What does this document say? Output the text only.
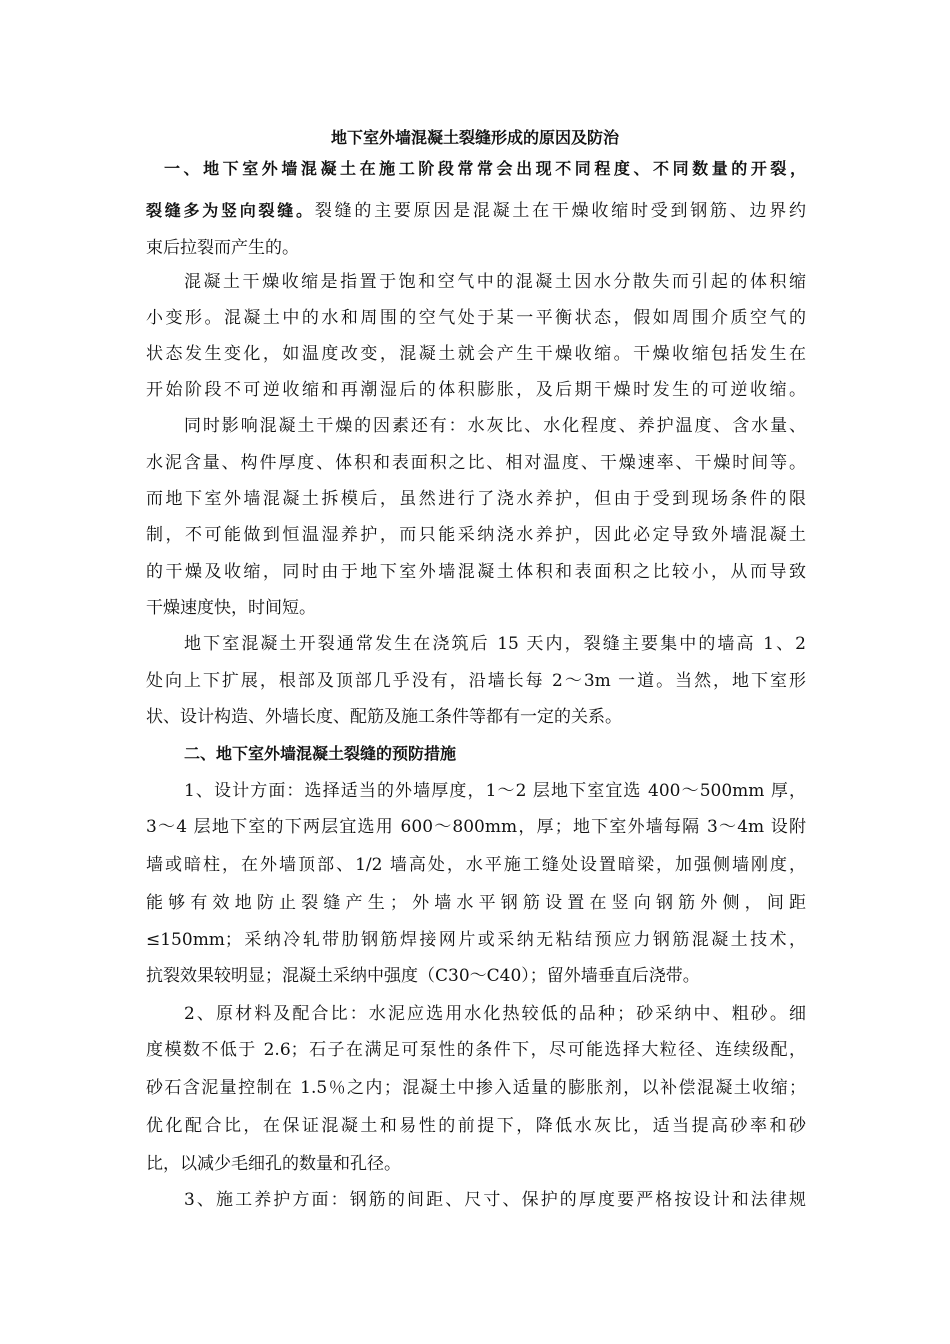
地下室外墙混凝土裂缝形成的原因及防治
一、地下室外墙混凝土在施工阶段常常会出现不同程度、不同数量的开裂，
裂缝多为竖向裂缝。裂缝的主要原因是混凝土在干燥收缩时受到钢筋、边界约
束后拉裂而产生的。
混凝土干燥收缩是指置于饱和空气中的混凝土因水分散失而引起的体积缩
小变形。混凝土中的水和周围的空气处于某一平衡状态，假如周围介质空气的
状态发生变化，如温度改变，混凝土就会产生干燥收缩。干燥收缩包括发生在
开始阶段不可逆收缩和再潮湿后的体积膨胀，及后期干燥时发生的可逆收缩。
同时影响混凝土干燥的因素还有：水灰比、水化程度、养护温度、含水量、
水泥含量、构件厚度、体积和表面积之比、相对温度、干燥速率、干燥时间等。
而地下室外墙混凝土拆模后，虽然进行了浇水养护，但由于受到现场条件的限
制，不可能做到恒温湿养护，而只能采纳浇水养护，因此必定导致外墙混凝土
的干燥及收缩，同时由于地下室外墙混凝土体积和表面积之比较小，从而导致
干燥速度快，时间短。
地下室混凝土开裂通常发生在浇筑后 15 天内，裂缝主要集中的墙高 1、2
处向上下扩展，根部及顶部几乎没有，沿墙长每 2～3m 一道。当然，地下室形
状、设计构造、外墙长度、配筋及施工条件等都有一定的关系。
二、地下室外墙混凝土裂缝的预防措施
1、设计方面：选择适当的外墙厚度，1～2 层地下室宜选 400～500mm 厚，
3～4 层地下室的下两层宜选用 600～800mm，厚；地下室外墙每隔 3～4m 设附
墙或暗柱，在外墙顶部、1/2 墙高处，水平施工缝处设置暗梁，加强侧墙刚度，
能够有效地防止裂缝产生；外墙水平钢筋设置在竖向钢筋外侧，间距
≤150mm；采纳冷轧带肋钢筋焊接网片或采纳无粘结预应力钢筋混凝土技术，
抗裂效果较明显；混凝土采纳中强度（C30～C40）；留外墙垂直后浇带。
2、原材料及配合比：水泥应选用水化热较低的品种；砂采纳中、粗砂。细
度模数不低于 2.6；石子在满足可泵性的条件下，尽可能选择大粒径、连续级配，
砂石含泥量控制在 1.5％之内；混凝土中掺入适量的膨胀剂，以补偿混凝土收缩；
优化配合比，在保证混凝土和易性的前提下，降低水灰比，适当提高砂率和砂
比，以减少毛细孔的数量和孔径。
3、施工养护方面：钢筋的间距、尺寸、保护的厚度要严格按设计和法律规
